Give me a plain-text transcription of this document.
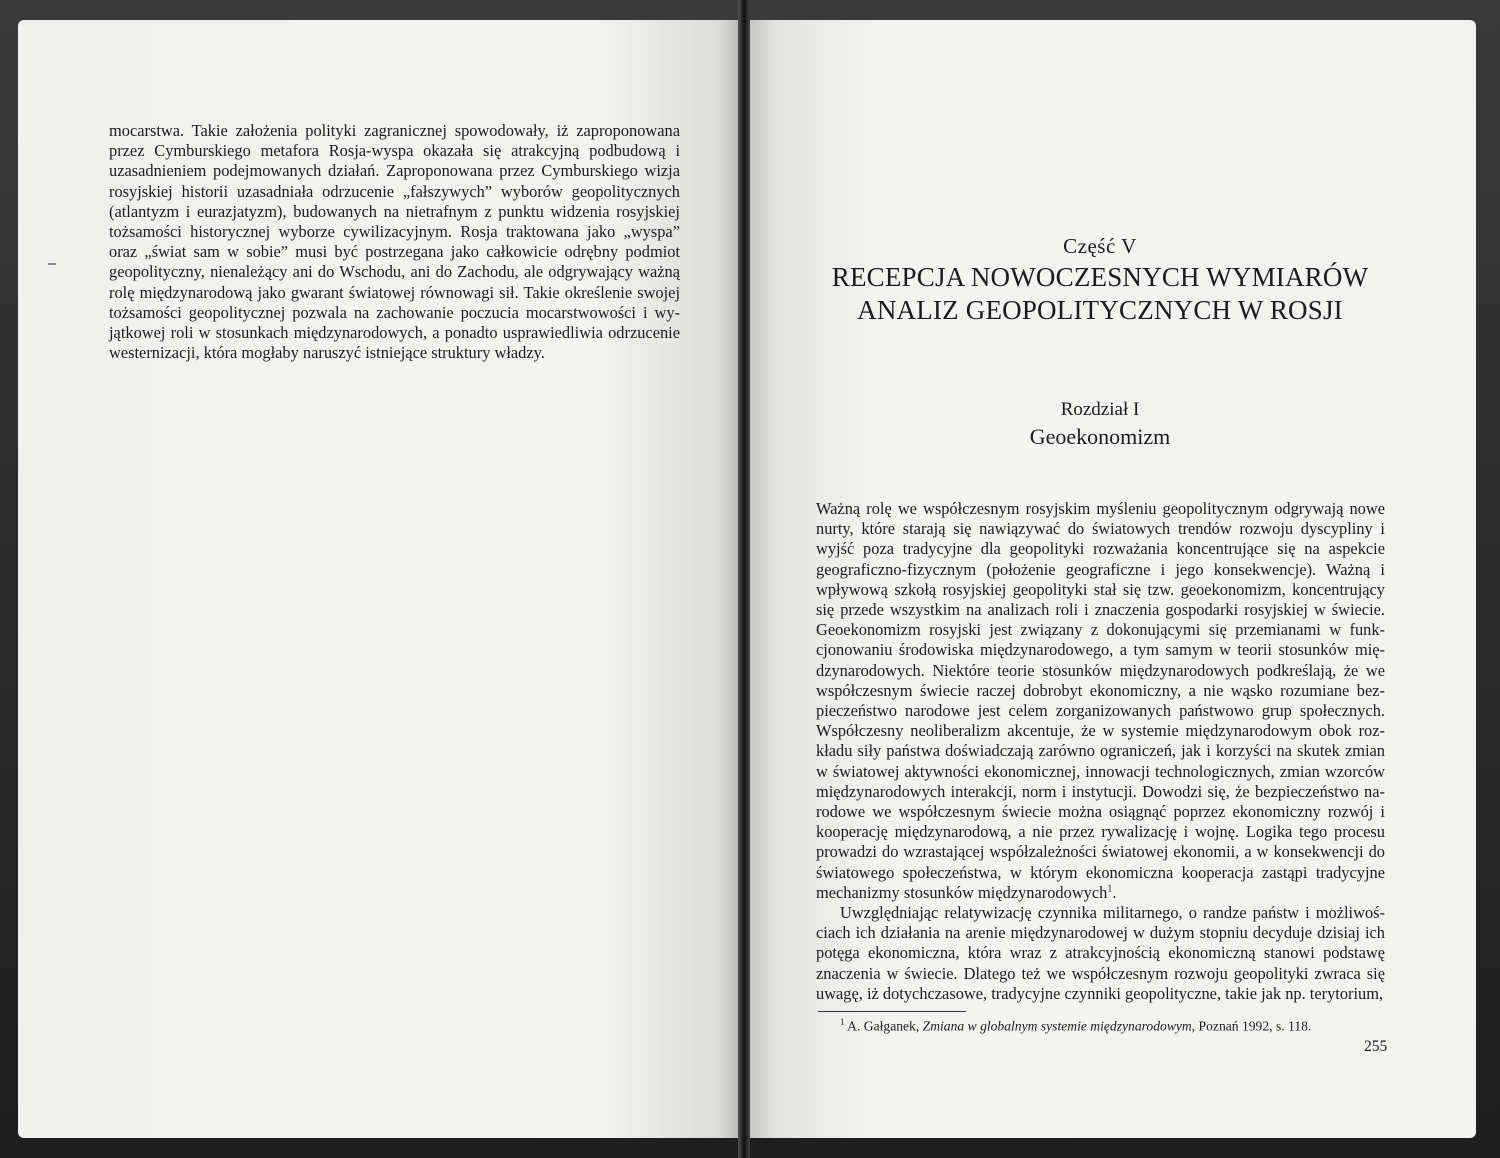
mocarstwa. Takie założenia polityki zagranicznej spowodowały, iż zaproponowana przez Cymburskiego metafora Rosja-wyspa okazała się atrakcyjną podbudową i uzasadnieniem podejmowanych działań. Zaproponowana przez Cymburskiego wizja rosyjskiej historii uzasadniała odrzucenie „fałszywych” wyborów geopolitycznych (atlantyzm i eurazjatyzm), budowanych na nietrafnym z punktu widzenia rosyjskiej tożsamości historycznej wyborze cywilizacyjnym. Rosja traktowana jako „wyspa” oraz „świat sam w sobie” musi być postrzegana jako całkowicie odrębny podmiot geopolityczny, nienależący ani do Wschodu, ani do Zachodu, ale odgrywający ważną rolę międzynarodową jako gwarant światowej równowagi sił. Takie określenie swojej tożsamości geopolitycznej pozwala na zachowanie poczucia mocarstwowości i wyjątkowej roli w stosunkach międzynarodowych, a ponadto usprawiedliwia odrzucenie westernizacji, która mogłaby naruszyć istniejące struktury władzy.

Część V
RECEPCJA NOWOCZESNYCH WYMIARÓW
ANALIZ GEOPOLITYCZNYCH W ROSJI
Rozdział I
Geoekonomizm

Ważną rolę we współczesnym rosyjskim myśleniu geopolitycznym odgrywają nowe nurty, które starają się nawiązywać do światowych trendów rozwoju dyscypliny i wyjść poza tradycyjne dla geopolityki rozważania koncentrujące się na aspekcie geograficzno-fizycznym (położenie geograficzne i jego konsekwencje). Ważną i wpływową szkołą rosyjskiej geopolityki stał się tzw. geoekonomizm, koncentrujący się przede wszystkim na analizach roli i znaczenia gospodarki rosyjskiej w świecie. Geoekonomizm rosyjski jest związany z dokonującymi się przemianami w funkcjonowaniu środowiska międzynarodowego, a tym samym w teorii stosunków międzynarodowych. Niektóre teorie stosunków międzynarodowych podkreślają, że we współczesnym świecie raczej dobrobyt ekonomiczny, a nie wąsko rozumiane bezpieczeństwo narodowe jest celem zorganizowanych państwowo grup społecznych. Współczesny neoliberalizm akcentuje, że w systemie międzynarodowym obok rozkładu siły państwa doświadczają zarówno ograniczeń, jak i korzyści na skutek zmian w światowej aktywności ekonomicznej, innowacji technologicznych, zmian wzorców międzynarodowych interakcji, norm i instytucji. Dowodzi się, że bezpieczeństwo narodowe we współczesnym świecie można osiągnąć poprzez ekonomiczny rozwój i kooperację międzynarodową, a nie przez rywalizację i wojnę. Logika tego procesu prowadzi do wzrastającej współzależności światowej ekonomii, a w konsekwencji do światowego społeczeństwa, w którym ekonomiczna kooperacja zastąpi tradycyjne mechanizmy stosunków międzynarodowych$^1$.

Uwzględniając relatywizację czynnika militarnego, o randze państw i możliwościach ich działania na arenie międzynarodowej w dużym stopniu decyduje dzisiaj ich potęga ekonomiczna, która wraz z atrakcyjnością ekonomiczną stanowi podstawę znaczenia w świecie. Dlatego też we współczesnym rozwoju geopolityki zwraca się uwagę, iż dotychczasowe, tradycyjne czynniki geopolityczne, takie jak np. terytorium,

$^1$ A. Gałganek, Zmiana w globalnym systemie międzynarodowym, Poznań 1992, s. 118.
255
